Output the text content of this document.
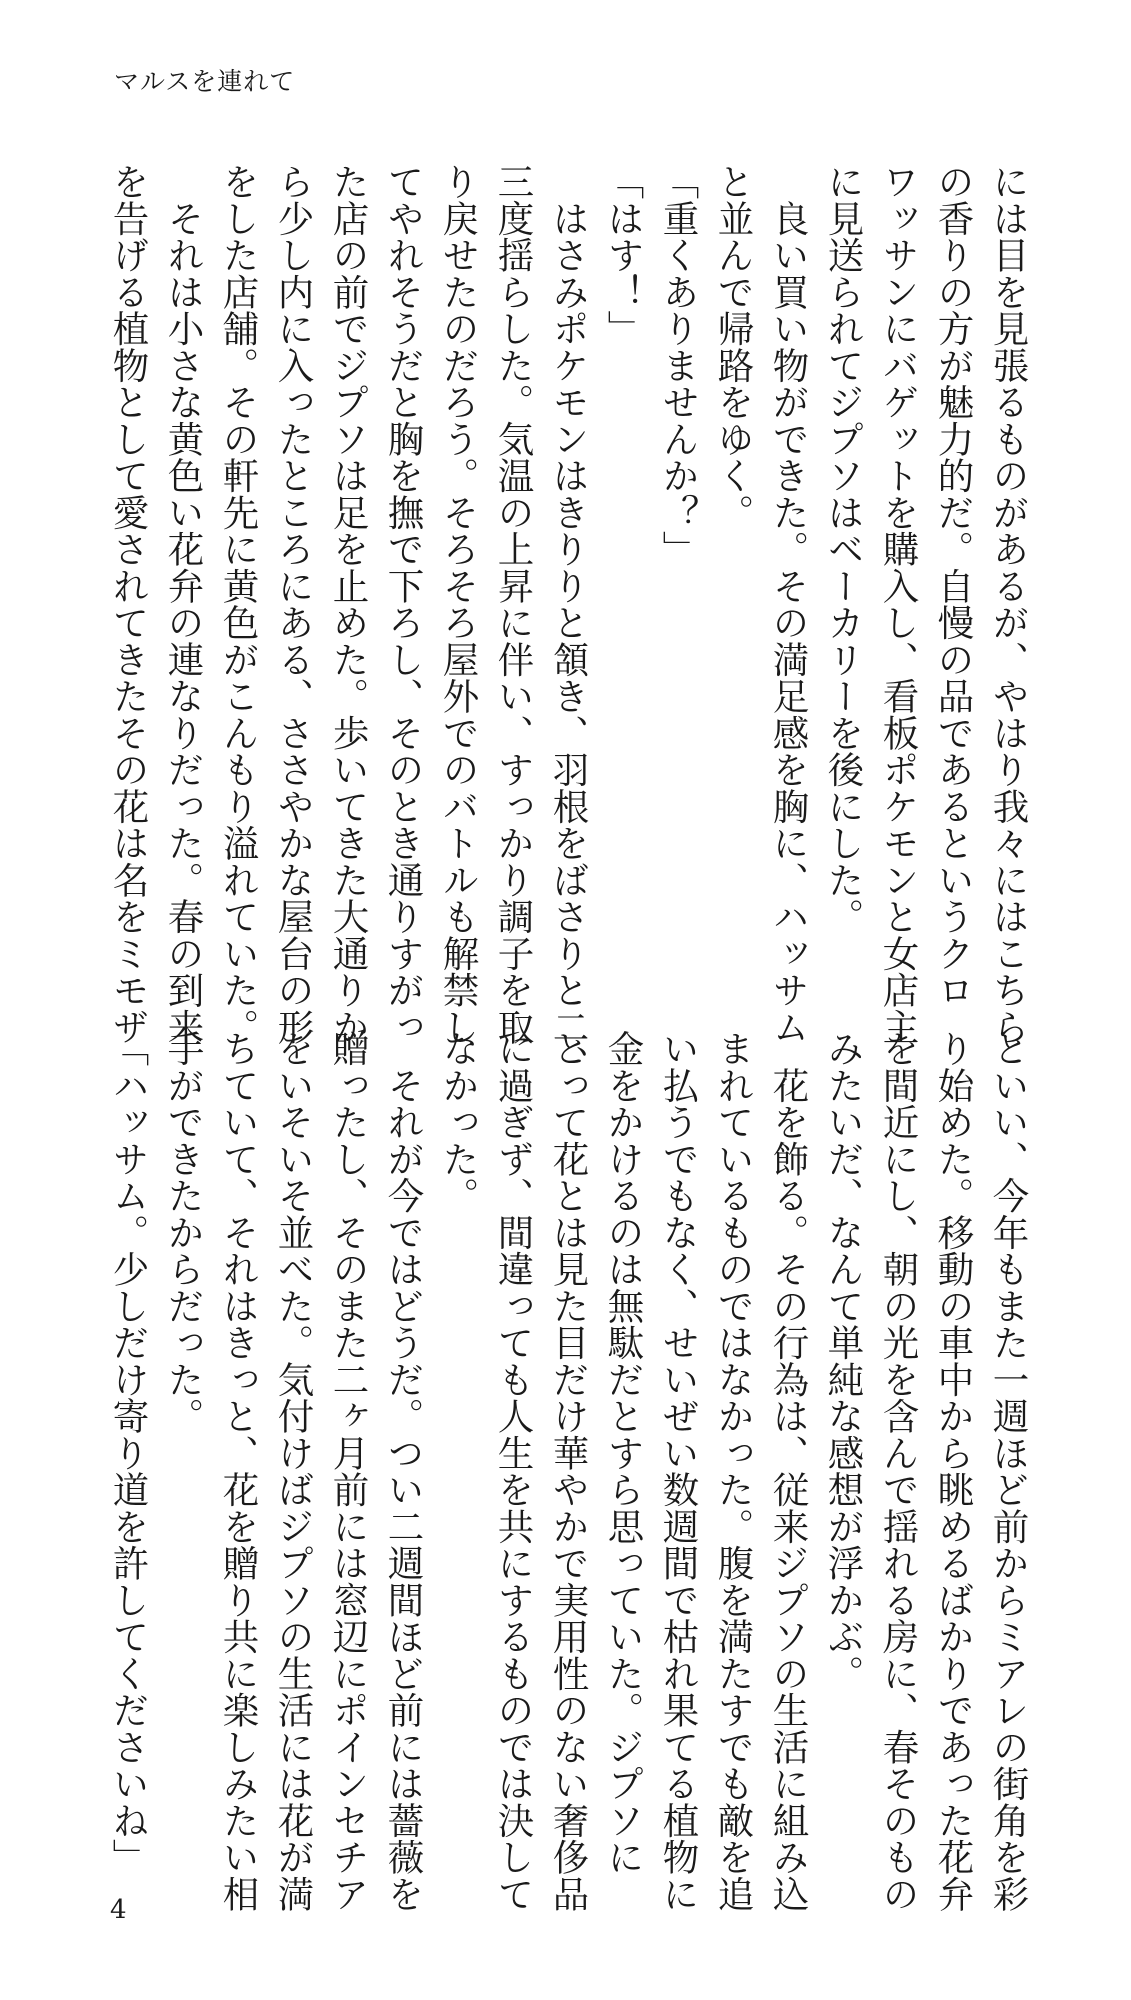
マルスを連れて
には目を見張るものがあるが、やはり我々にはこちら
の香りの方が魅力的だ。自慢の品であるというクロ
ワッサンにバゲットを購入し、看板ポケモンと女店主
に見送られてジプソはベーカリーを後にした。
　良い買い物ができた。その満足感を胸に、ハッサム
と並んで帰路をゆく。
「重くありませんか？」
「はす！」
　はさみポケモンはきりりと頷き、羽根をばさりと二、
三度揺らした。気温の上昇に伴い、すっかり調子を取
り戻せたのだろう。そろそろ屋外でのバトルも解禁し
てやれそうだと胸を撫で下ろし、そのとき通りすがっ
た店の前でジプソは足を止めた。歩いてきた大通りか
ら少し内に入ったところにある、ささやかな屋台の形
をした店舗。その軒先に黄色がこんもり溢れていた。
　それは小さな黄色い花弁の連なりだった。春の到来
を告げる植物として愛されてきたその花は名をミモザ
といい、今年もまた一週ほど前からミアレの街角を彩
り始めた。移動の車中から眺めるばかりであった花弁
を間近にし、朝の光を含んで揺れる房に、春そのもの
みたいだ、なんて単純な感想が浮かぶ。
　花を飾る。その行為は、従来ジプソの生活に組み込
まれているものではなかった。腹を満たすでも敵を追
い払うでもなく、せいぜい数週間で枯れ果てる植物に
金をかけるのは無駄だとすら思っていた。ジプソに
とって花とは見た目だけ華やかで実用性のない奢侈品
に過ぎず、間違っても人生を共にするものでは決して
なかった。
　それが今ではどうだ。つい二週間ほど前には薔薇を
贈ったし、そのまた二ヶ月前には窓辺にポインセチア
をいそいそ並べた。気付けばジプソの生活には花が満
ちていて、それはきっと、花を贈り共に楽しみたい相
手ができたからだった。
「ハッサム。少しだけ寄り道を許してくださいね」
4
